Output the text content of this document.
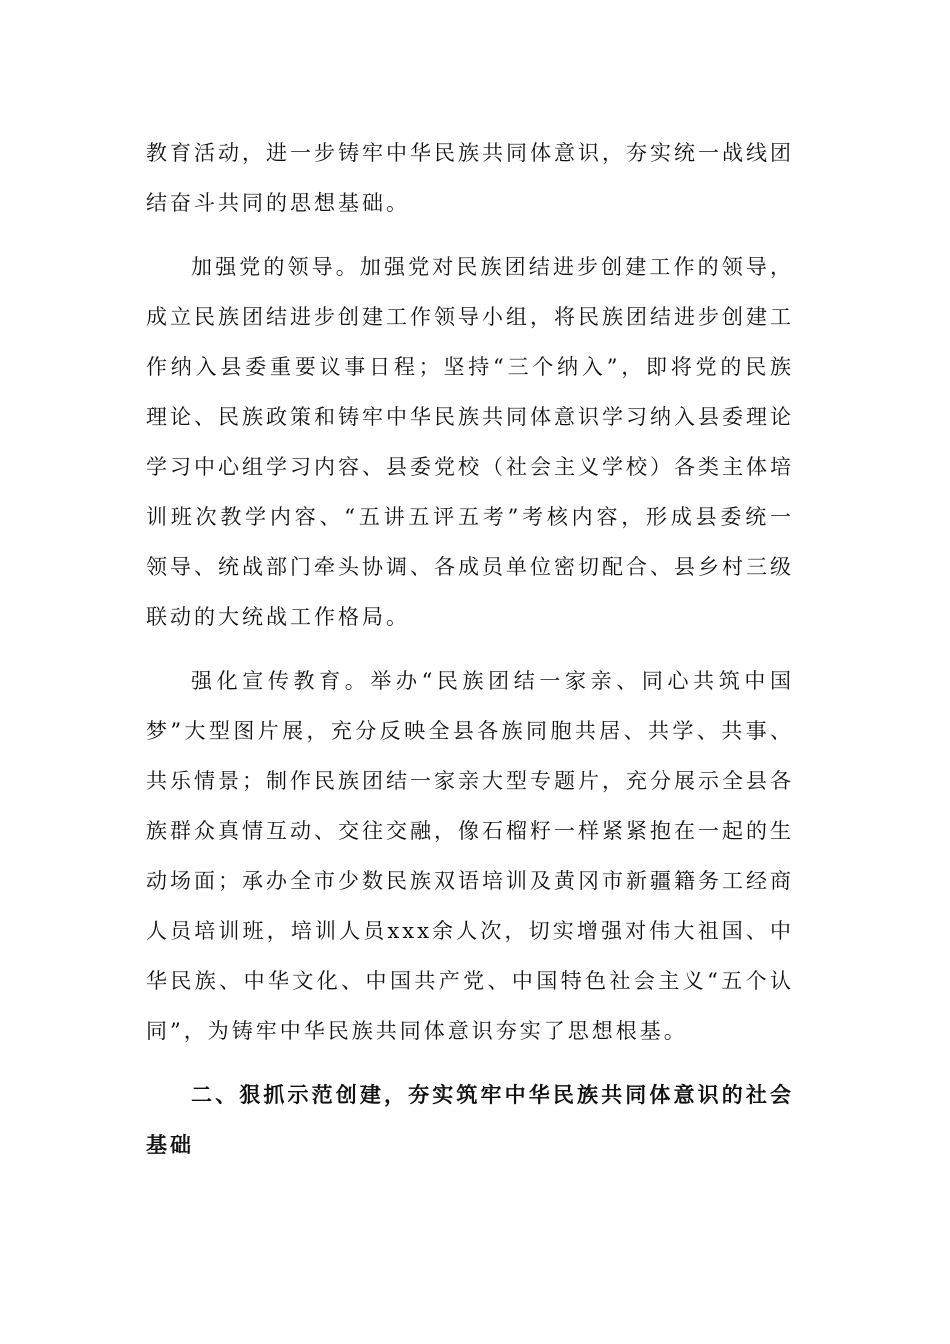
教育活动，进一步铸牢中华民族共同体意识，夯实统一战线团结奋斗共同的思想基础。

加强党的领导。加强党对民族团结进步创建工作的领导，成立民族团结进步创建工作领导小组，将民族团结进步创建工作纳入县委重要议事日程；坚持“三个纳入”，即将党的民族理论、民族政策和铸牢中华民族共同体意识学习纳入县委理论学习中心组学习内容、县委党校（社会主义学校）各类主体培训班次教学内容、“五讲五评五考”考核内容，形成县委统一领导、统战部门牵头协调、各成员单位密切配合、县乡村三级联动的大统战工作格局。

强化宣传教育。举办“民族团结一家亲、同心共筑中国梦”大型图片展，充分反映全县各族同胞共居、共学、共事、共乐情景；制作民族团结一家亲大型专题片，充分展示全县各族群众真情互动、交往交融，像石榴籽一样紧紧抱在一起的生动场面；承办全市少数民族双语培训及黄冈市新疆籍务工经商人员培训班，培训人员xxx余人次，切实增强对伟大祖国、中华民族、中华文化、中国共产党、中国特色社会主义“五个认同”，为铸牢中华民族共同体意识夯实了思想根基。

二、狠抓示范创建，夯实筑牢中华民族共同体意识的社会基础
